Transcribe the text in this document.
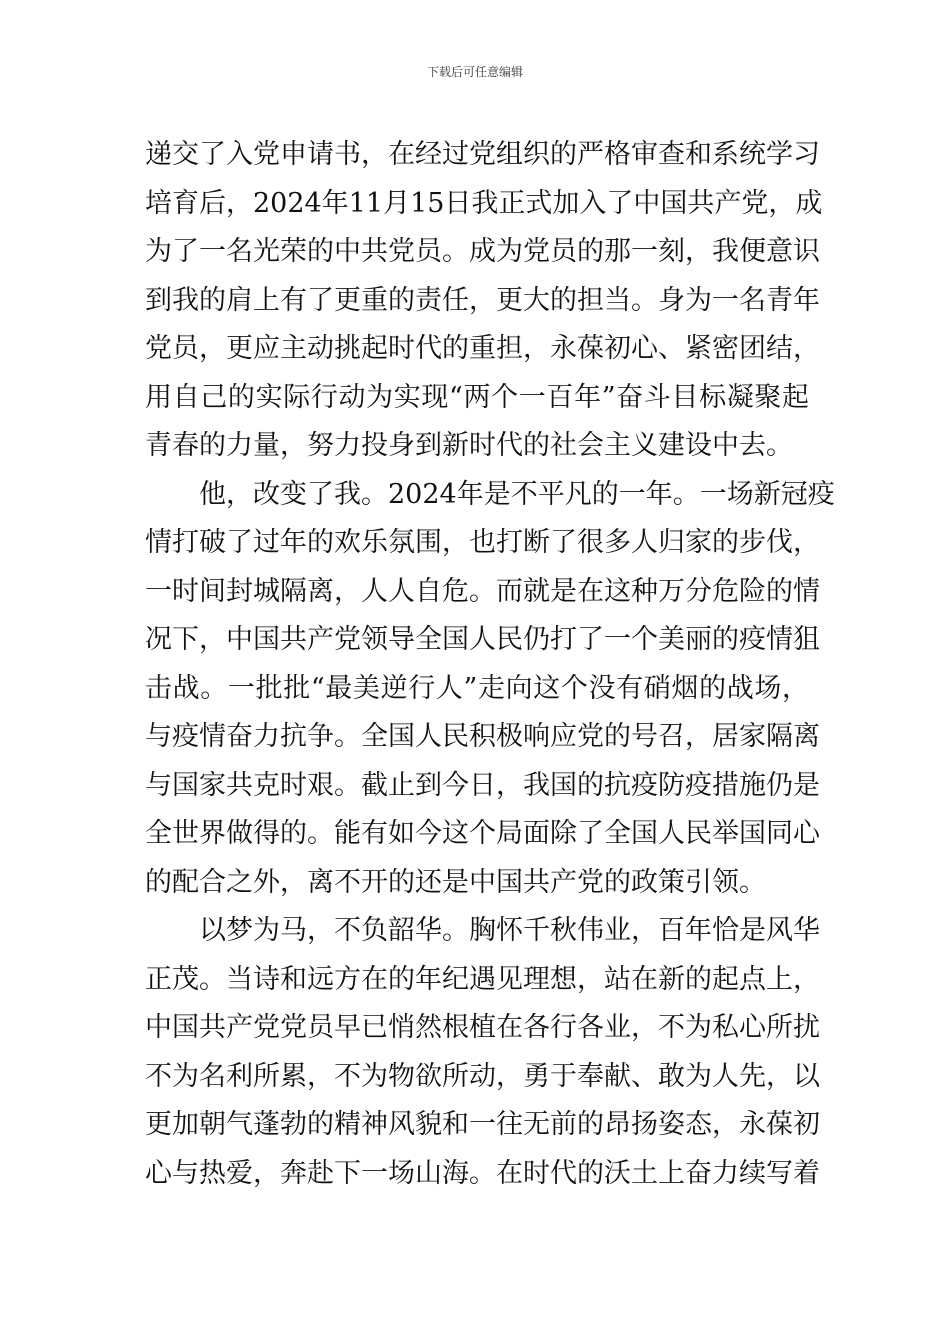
下载后可任意编辑
递交了入党申请书，在经过党组织的严格审查和系统学习
培育后，2024年11月15日我正式加入了中国共产党，成
为了一名光荣的中共党员。成为党员的那一刻，我便意识
到我的肩上有了更重的责任，更大的担当。身为一名青年
党员，更应主动挑起时代的重担，永葆初心、紧密团结，
用自己的实际行动为实现“两个一百年”奋斗目标凝聚起
青春的力量，努力投身到新时代的社会主义建设中去。
他，改变了我。2024年是不平凡的一年。一场新冠疫
情打破了过年的欢乐氛围，也打断了很多人归家的步伐，
一时间封城隔离，人人自危。而就是在这种万分危险的情
况下，中国共产党领导全国人民仍打了一个美丽的疫情狙
击战。一批批“最美逆行人”走向这个没有硝烟的战场，
与疫情奋力抗争。全国人民积极响应党的号召，居家隔离
与国家共克时艰。截止到今日，我国的抗疫防疫措施仍是
全世界做得的。能有如今这个局面除了全国人民举国同心
的配合之外，离不开的还是中国共产党的政策引领。
以梦为马，不负韶华。胸怀千秋伟业，百年恰是风华
正茂。当诗和远方在的年纪遇见理想，站在新的起点上，
中国共产党党员早已悄然根植在各行各业，不为私心所扰
不为名利所累，不为物欲所动，勇于奉献、敢为人先，以
更加朝气蓬勃的精神风貌和一往无前的昂扬姿态，永葆初
心与热爱，奔赴下一场山海。在时代的沃土上奋力续写着
